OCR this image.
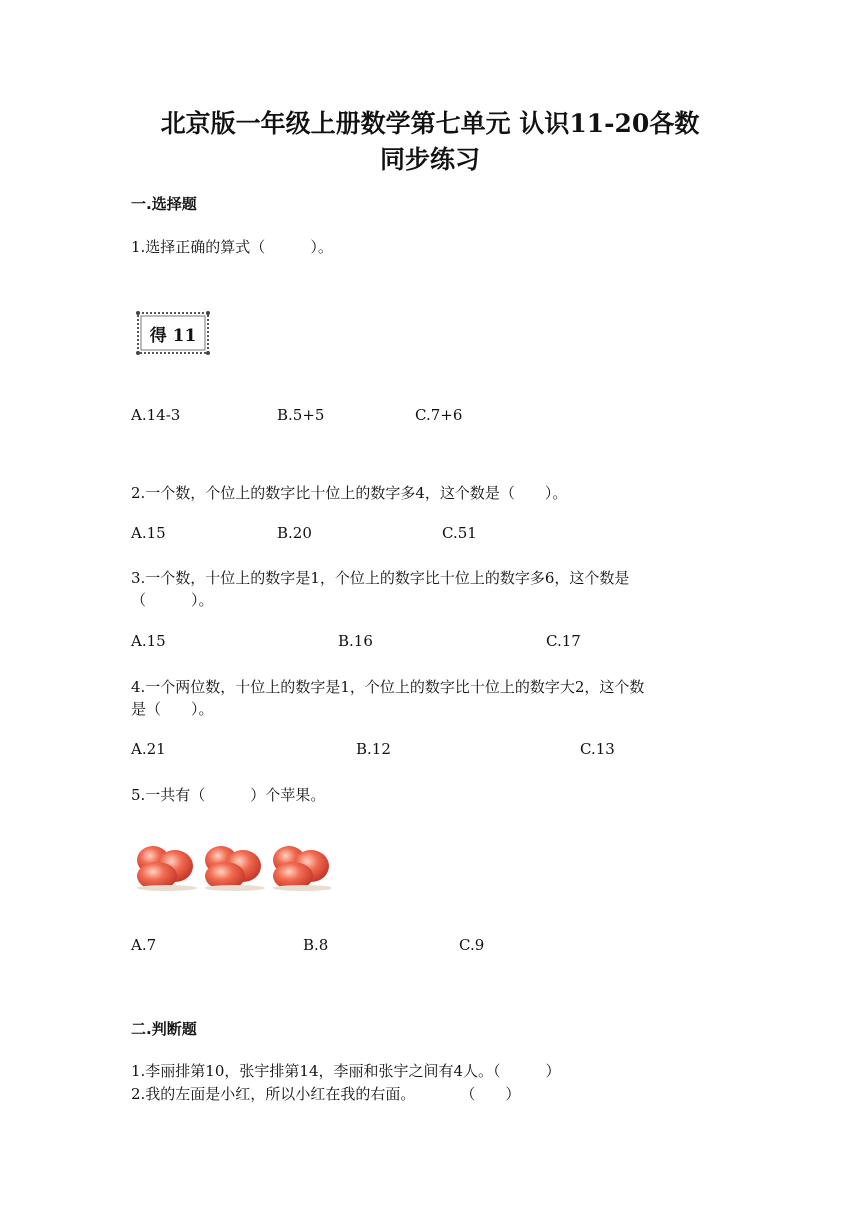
北京版一年级上册数学第七单元 认识11-20各数
同步练习
一.选择题
1.选择正确的算式（　　　）。
得 11
A.14-3	B.5+5	C.7+6
2.一个数，个位上的数字比十位上的数字多4，这个数是（　　）。
A.15	B.20	C.51
3.一个数，十位上的数字是1，个位上的数字比十位上的数字多6，这个数是
（　　　）。
A.15	B.16	C.17
4.一个两位数，十位上的数字是1，个位上的数字比十位上的数字大2，这个数
是（　　）。
A.21	B.12	C.13
5.一共有（　　　）个苹果。
A.7	B.8	C.9
二.判断题
1.李丽排第10，张宇排第14，李丽和张宇之间有4人。（　　　）
2.我的左面是小红，所以小红在我的右面。　　　　（　　）
